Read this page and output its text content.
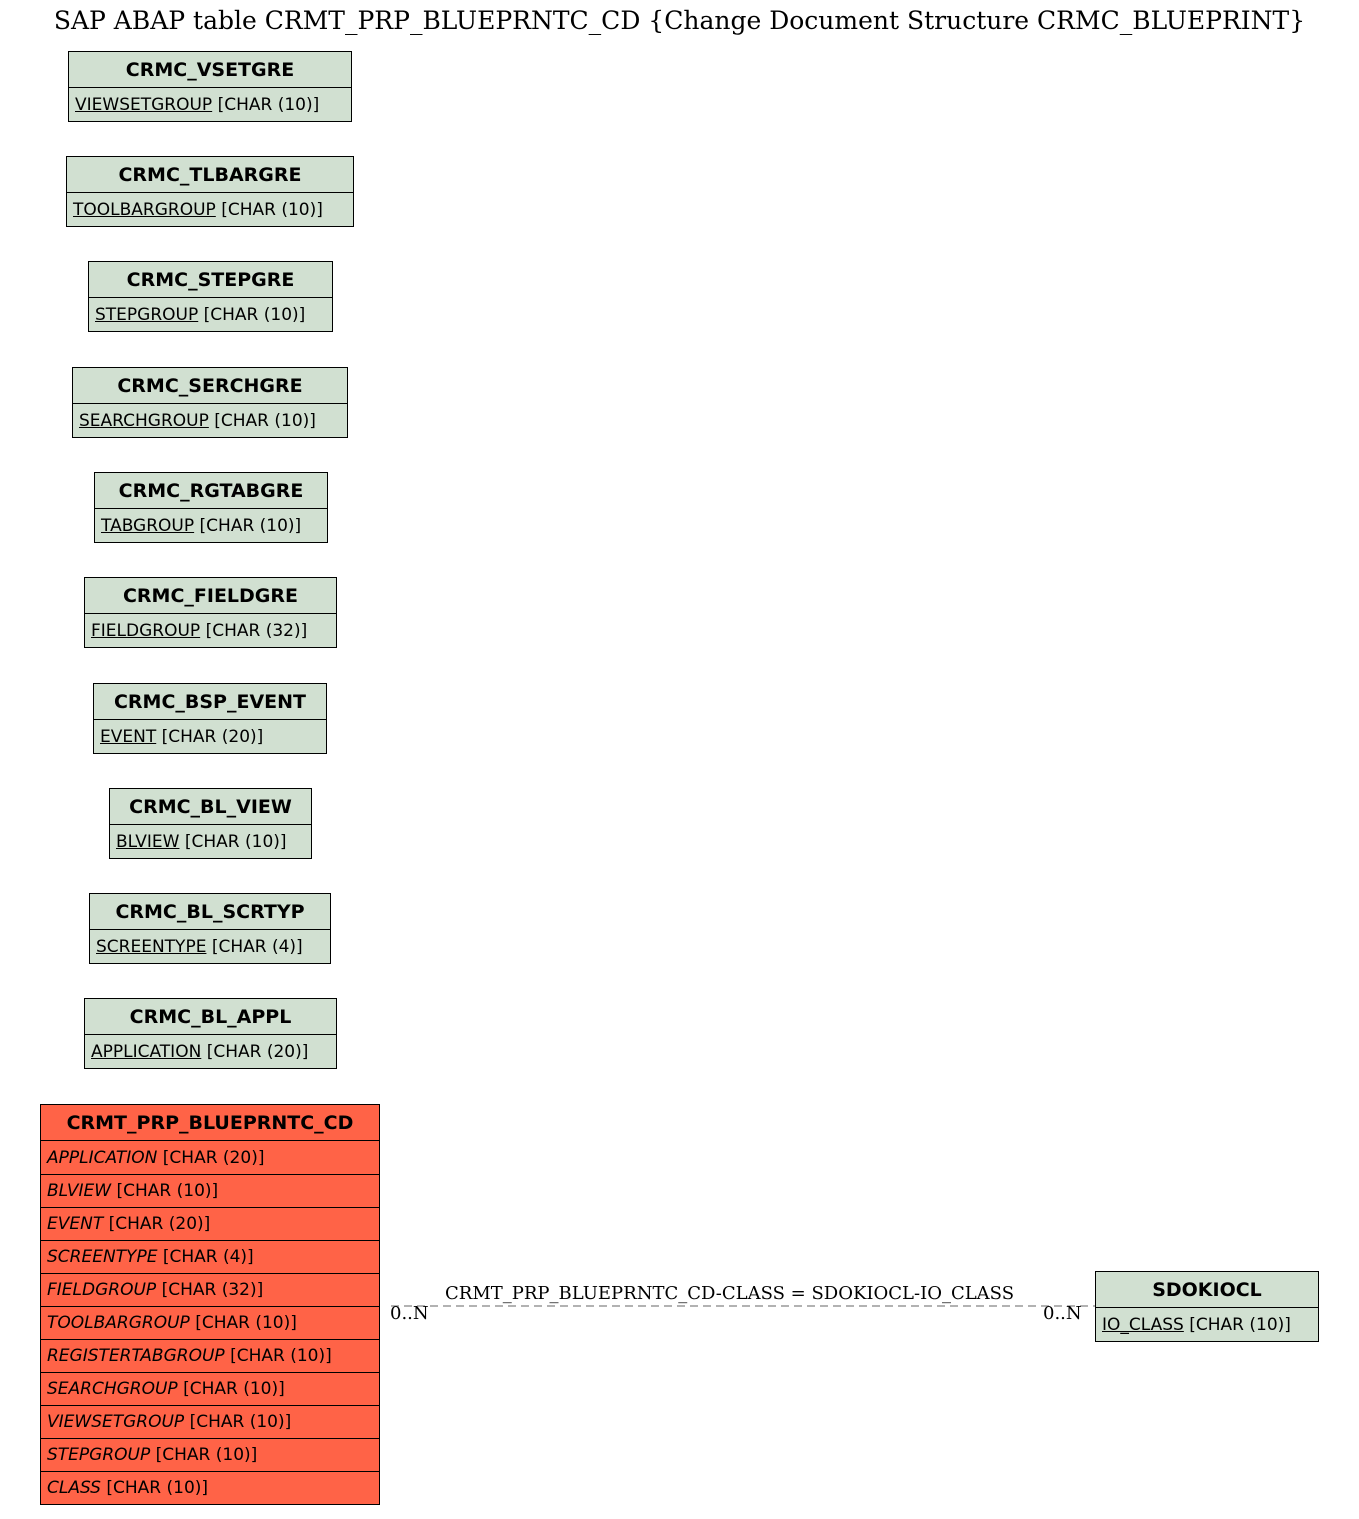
SAP ABAP table CRMT_PRP_BLUEPRNTC_CD {Change Document Structure CRMC_BLUEPRINT}
CRMC_VSETGRE
VIEWSETGROUP
[CHAR (10)]
CRMC_TLBARGRE
TOOLBARGROUP
[CHAR (10)]
CRMC_STEPGRE
STEPGROUP
[CHAR (10)]
CRMC_SERCHGRE
SEARCHGROUP
[CHAR (10)]
CRMC_RGTABGRE
TABGROUP
[CHAR (10)]
CRMC_FIELDGRE
FIELDGROUP
[CHAR (32)]
CRMC_BSP_EVENT
EVENT
[CHAR (20)]
CRMC_BL_VIEW
BLVIEW
[CHAR (10)]
CRMC_BL_SCRTYP
SCREENTYPE
[CHAR (4)]
CRMC_BL_APPL
APPLICATION
[CHAR (20)]
CRMT_PRP_BLUEPRNTC_CD
APPLICATION
[CHAR (20)]
BLVIEW
[CHAR (10)]
EVENT
[CHAR (20)]
SCREENTYPE
[CHAR (4)]
FIELDGROUP
[CHAR (32)]
TOOLBARGROUP
[CHAR (10)]
REGISTERTABGROUP
[CHAR (10)]
SEARCHGROUP
[CHAR (10)]
VIEWSETGROUP
[CHAR (10)]
STEPGROUP
[CHAR (10)]
CLASS
[CHAR (10)]
SDOKIOCL
IO_CLASS
[CHAR (10)]
CRMT_PRP_BLUEPRNTC_CD-CLASS = SDOKIOCL-IO_CLASS
0..N	0..N
